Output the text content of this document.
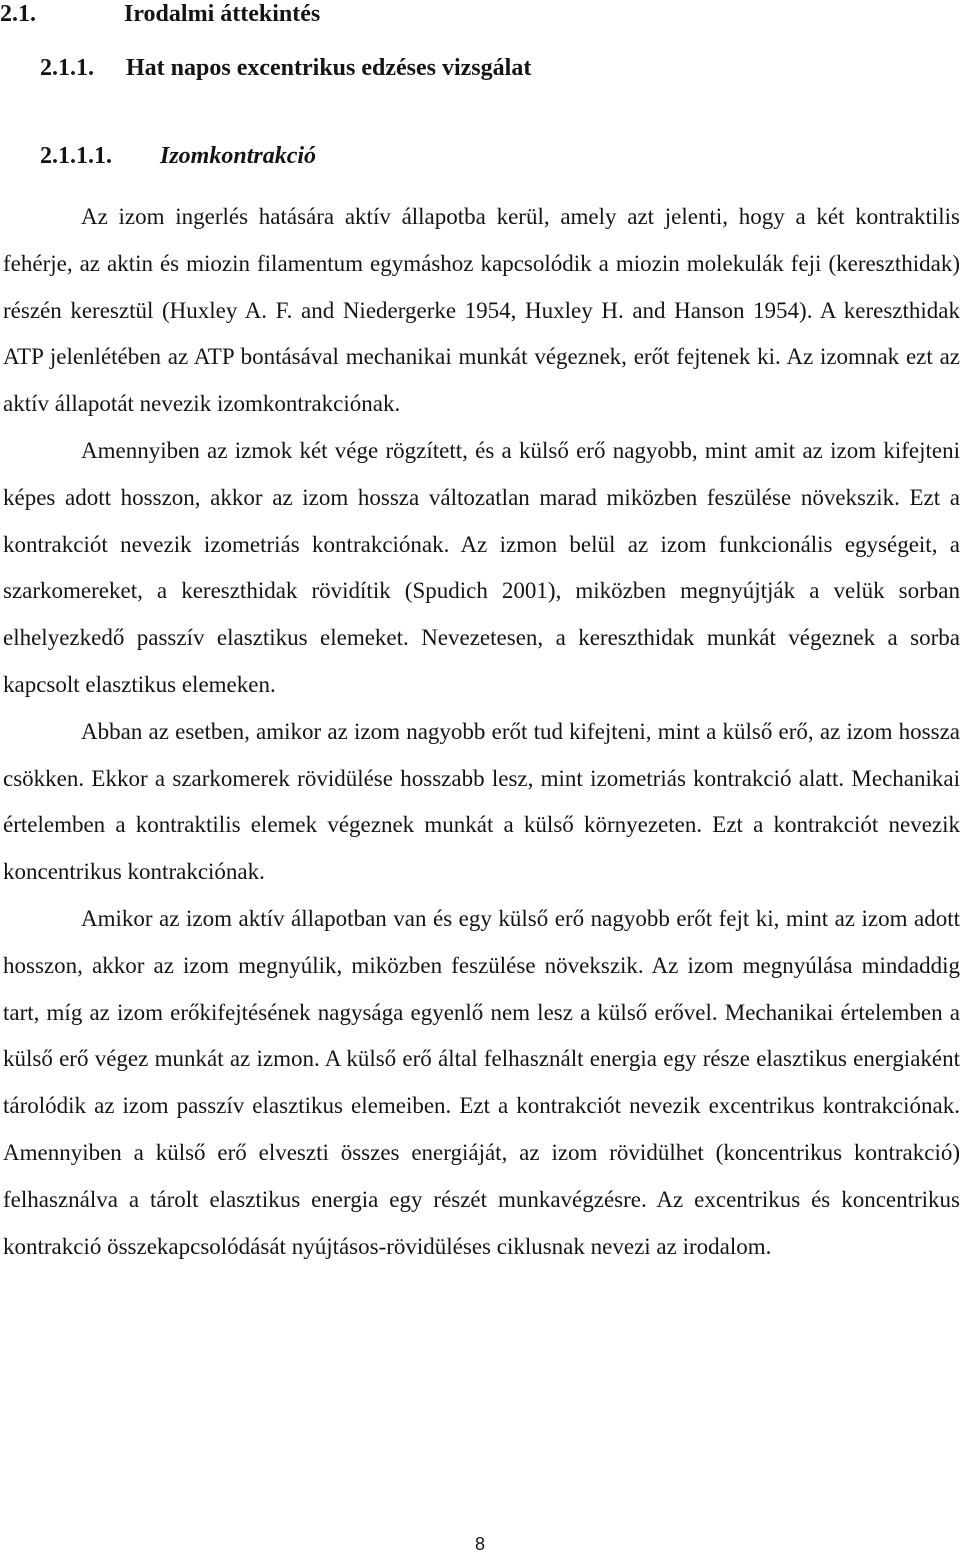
2.1.	Irodalmi áttekintés
2.1.1. Hat napos excentrikus edzéses vizsgálat
2.1.1.1. Izomkontrakció

Az izom ingerlés hatására aktív állapotba kerül, amely azt jelenti, hogy a két kontraktilis fehérje, az aktin és miozin filamentum egymáshoz kapcsolódik a miozin molekulák feji (kereszthidak) részén keresztül (Huxley A. F. and Niedergerke 1954, Huxley H. and Hanson 1954). A kereszthidak ATP jelenlétében az ATP bontásával mechanikai munkát végeznek, erőt fejtenek ki. Az izomnak ezt az aktív állapotát nevezik izomkontrakciónak.

Amennyiben az izmok két vége rögzített, és a külső erő nagyobb, mint amit az izom kifejteni képes adott hosszon, akkor az izom hossza változatlan marad miközben feszülése növekszik. Ezt a kontrakciót nevezik izometriás kontrakciónak. Az izmon belül az izom funkcionális egységeit, a szarkomereket, a kereszthidak rövidítik (Spudich 2001), miközben megnyújtják a velük sorban elhelyezkedő passzív elasztikus elemeket. Nevezetesen, a kereszthidak munkát végeznek a sorba kapcsolt elasztikus elemeken.

Abban az esetben, amikor az izom nagyobb erőt tud kifejteni, mint a külső erő, az izom hossza csökken. Ekkor a szarkomerek rövidülése hosszabb lesz, mint izometriás kontrakció alatt. Mechanikai értelemben a kontraktilis elemek végeznek munkát a külső környezeten. Ezt a kontrakciót nevezik koncentrikus kontrakciónak.

Amikor az izom aktív állapotban van és egy külső erő nagyobb erőt fejt ki, mint az izom adott hosszon, akkor az izom megnyúlik, miközben feszülése növekszik. Az izom megnyúlása mindaddig tart, míg az izom erőkifejtésének nagysága egyenlő nem lesz a külső erővel. Mechanikai értelemben a külső erő végez munkát az izmon. A külső erő által felhasznált energia egy része elasztikus energiaként tárolódik az izom passzív elasztikus elemeiben. Ezt a kontrakciót nevezik excentrikus kontrakciónak. Amennyiben a külső erő elveszti összes energiáját, az izom rövidülhet (koncentrikus kontrakció) felhasználva a tárolt elasztikus energia egy részét munkavégzésre. Az excentrikus és koncentrikus kontrakció összekapcsolódását nyújtásos-rövidüléses ciklusnak nevezi az irodalom.

8
